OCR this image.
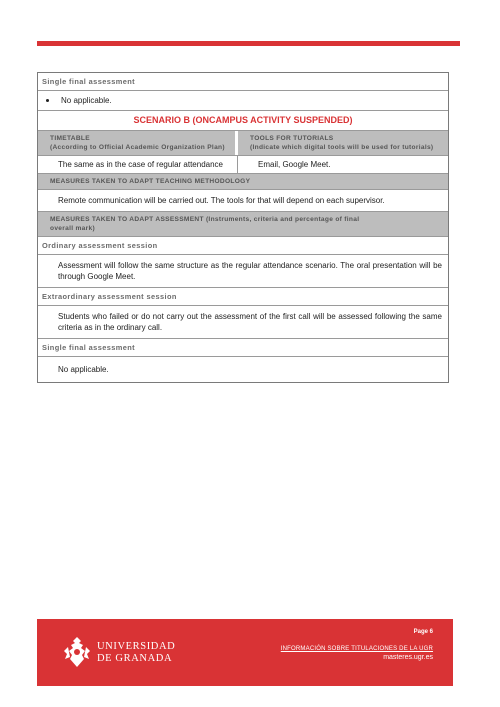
Single final assessment
No applicable.
SCENARIO B (ONCAMPUS ACTIVITY SUSPENDED)
TIMETABLE
(According to Official Academic Organization Plan)
TOOLS FOR TUTORIALS
(Indicate which digital tools will be used for tutorials)
The same as in the case of regular attendance	Email, Google Meet.
MEASURES TAKEN TO ADAPT TEACHING METHODOLOGY
Remote communication will be carried out. The tools for that will depend on each supervisor.
MEASURES TAKEN TO ADAPT ASSESSMENT (Instruments, criteria and percentage of final overall mark)
Ordinary assessment session
Assessment will follow the same structure as the regular attendance scenario. The oral presentation will be through Google Meet.
Extraordinary assessment session
Students who failed or do not carry out the assessment of the first call will be assessed following the same criteria as in the ordinary call.
Single final assessment
No applicable.
UNIVERSIDAD
DE GRANADA
Page 6
INFORMACIÓN SOBRE TITULACIONES DE LA UGR
masteres.ugr.es
